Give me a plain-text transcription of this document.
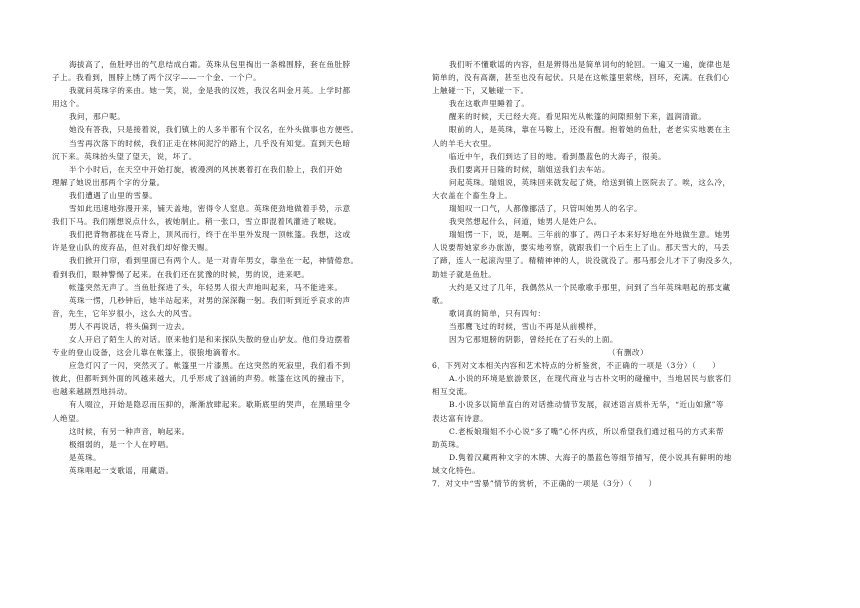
海拔高了，鱼肚呼出的气息结成白霜。英珠从包里掏出一条棉围脖，套在鱼肚脖
子上。我看到，围脖上绣了两个汉字——一个金、一个户。
我就问英珠字的来由。她一笑，说，金是我的汉姓，我汉名叫金月英。上学时都
用这个。
我问，那户呢。
她没有答我，只是接着说，我们镇上的人多半都有个汉名，在外头做事也方便些。
当雪再次落下的时候，我们正走在林间泥泞的路上，几乎没有知觉。直到天色暗
沉下来。英珠抬头望了望天，说，坏了。
半个小时后，在天空中开始打旋，被漫洌的风挟裹着打在我们脸上，我们开始
理解了她说出那两个字的分量。
我们遭遇了山里的雪暴。
雪如此迅速地弥漫开来，铺天盖地，密得令人窒息。英珠使劲地做着手势，示意
我们下马。我们刚想说点什么，被她制止。稍一张口，雪立即混着风灌进了喉咙。
我们把背物都拢在马背上，顶风而行，终于在半里外发现一顶帐篷。我想，这或
许是登山队的废弃品，但对我们却好像天赐。
我们掀开门帘，看到里面已有两个人。是一对青年男女，靠坐在一起，神情倦怠。
看到我们，眼神警惕了起来。在我们还在犹豫的时候，男的说，进来吧。
帐篷突然无声了。当鱼肚探进了头，年轻男人很大声地叫起来，马不能进来。
英珠一愣，几秒钟后，她半站起来，对男的深深鞠一躬。我们听到近乎哀求的声
音，先生，它年岁很小，这么大的风雪。
男人不再说话，将头偏到一边去。
女人开启了陌生人的对话。原来他们是和来探队失散的登山驴友。他们身边摆着
专业的登山设备，这会儿靠在帐篷上，很狼地滴着水。
应急灯闪了一闪，突然灭了。帐篷里一片漆黑。在这突然的死寂里，我们看不到
彼此，但都听到外面的风越来越大，几乎形成了汹涌的声势。帐篷在这风的撞击下，
也越来越剧烈地抖动。
有人啜泣，开始是隐忍而压抑的，渐渐放肆起来。歇斯底里的哭声，在黑暗里令
人绝望。
这时候，有另一种声音，响起来。
极细弱的，是一个人在哼唱。
是英珠。
英珠唱起一支歌谣，用藏语。
我们听不懂歌谣的内容，但是辨得出是简单词句的轮回。一遍又一遍，旋律也是
简单的，没有高潮，甚至也没有起伏。只是在这帐篷里萦绕，回环，充满。在我们心
上触碰一下，又触碰一下。
我在这歌声里睡着了。
醒来的时候，天已经大亮。看见阳光从帐篷的间隙照射下来，温润清澈。
眼前的人，是英珠，靠在马鞍上，还没有醒。抱着她的鱼肚，老老实实地裹在主
人的羊毛大衣里。
临近中午，我们到达了目的地。看到墨蓝色的大海子，很美。
我们要离开日隆的时候，瑞姐送我们去车站。
问起英珠。瑞姐说，英珠回来就发起了烧，给送到镇上医院去了。唉，这么冷，
大衣盖在个畜生身上。
瑞姐叹一口气，人都像挪活了，只管叫她男人的名字。
我突然想起什么，问道，她男人是姓户么。
瑞姐愣一下，说，是啊。三年前的事了。两口子本来好好地在外地做生意。她男
人说要帮她家乡办旅游，要实地考察，就跟我们一个后生上了山。那天雪大的，马丢
了蹄，连人一起滚沟里了。精精神神的人，说没就没了。那马那会儿才下了驹没多久，
助娃子就是鱼肚。
大约是又过了几年，我偶然从一个民歌歌手那里，问到了当年英珠唱起的那支藏
歌。
歌词真的简单，只有四句：
当那鹰飞过的时候，雪山不再是从前模样，
因为它那翅膀的阴影，曾经托在了石头的上面。
（有删改）
6．下列对文本相关内容和艺术特点的分析鉴赏，不正确的一项是（3分）（　　）
A.小说的环境是旅游景区，在现代商业与古朴文明的碰撞中，当地居民与旅客们
相互交流。
B.小说多以简单直白的对话推动情节发展，叙述语言质朴无华，“近山如黛”等
表达富有诗意。
C.老板娘瑞姐不小心说“多了嘴”心怀内疚，所以希望我们通过租马的方式来帮
助英珠。
D.隽着汉藏两种文字的木牌、大海子的墨蓝色等细节描写，使小说具有鲜明的地
域文化特色。
7．对文中“雪暴”情节的赏析，不正确的一项是（3分）（　　）
